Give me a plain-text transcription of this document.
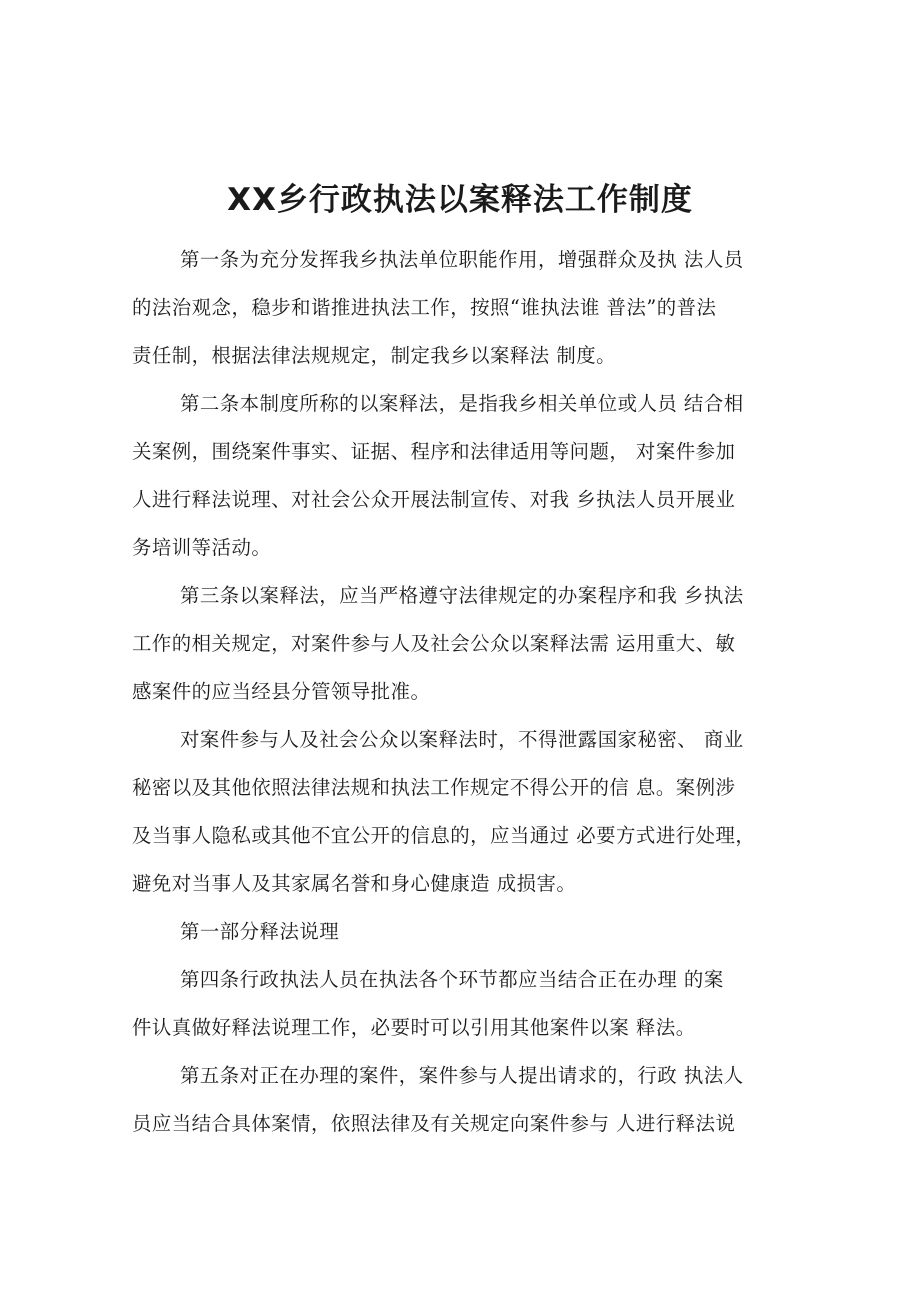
XX乡行政执法以案释法工作制度
第一条为充分发挥我乡执法单位职能作用，增强群众及执 法人员
的法治观念，稳步和谐推进执法工作，按照“谁执法谁 普法”的普法
责任制，根据法律法规规定，制定我乡以案释法 制度。
第二条本制度所称的以案释法，是指我乡相关单位或人员 结合相
关案例，围绕案件事实、证据、程序和法律适用等问题， 对案件参加
人进行释法说理、对社会公众开展法制宣传、对我 乡执法人员开展业
务培训等活动。
第三条以案释法，应当严格遵守法律规定的办案程序和我 乡执法
工作的相关规定，对案件参与人及社会公众以案释法需 运用重大、敏
感案件的应当经县分管领导批准。
对案件参与人及社会公众以案释法时，不得泄露国家秘密、 商业
秘密以及其他依照法律法规和执法工作规定不得公开的信 息。案例涉
及当事人隐私或其他不宜公开的信息的，应当通过 必要方式进行处理，
避免对当事人及其家属名誉和身心健康造 成损害。
第一部分释法说理
第四条行政执法人员在执法各个环节都应当结合正在办理 的案
件认真做好释法说理工作，必要时可以引用其他案件以案 释法。
第五条对正在办理的案件，案件参与人提出请求的，行政 执法人
员应当结合具体案情，依照法律及有关规定向案件参与 人进行释法说
